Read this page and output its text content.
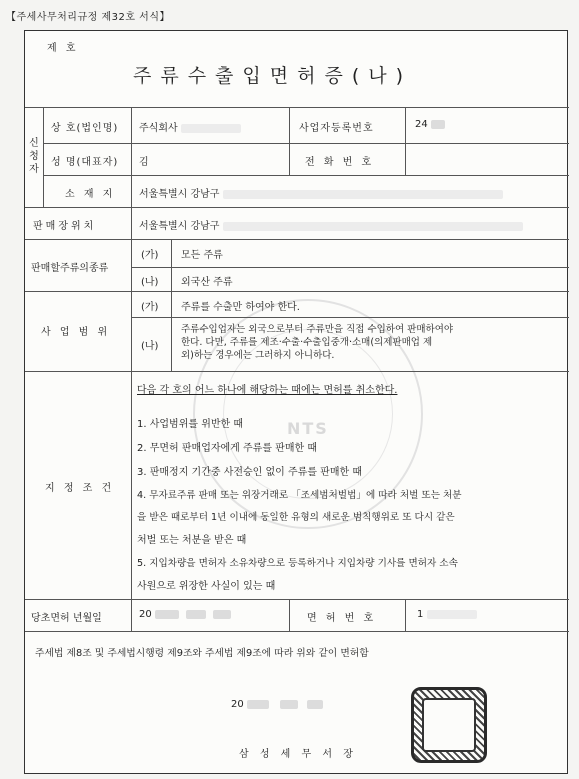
【주세사무처리규정 제32호 서식】
NTS
제 호
주류수출입면허증(나)
신청자
상 호(법인명) 주식회사	사업자등록번호	24
성 명(대표자) 김	전 화 번 호
소 재 지 서울특별시 강남구
판매장위치	서울특별시 강남구
판매할주류의종류
(가) 모든 주류
(나) 외국산 주류
사 업 범 위
(가) 주류를 수출만 하여야 한다.
(나)
주류수입업자는 외국으로부터 주류만을 직접 수입하여 판매하여야
한다. 다만, 주류를 제조·수출·수출입중개·소매(의제판매업 제
외)하는 경우에는 그러하지 아니하다.
지 정 조 건
다음 각 호의 어느 하나에 해당하는 때에는 면허를 취소한다.
1. 사업범위를 위반한 때
2. 무면허 판매업자에게 주류를 판매한 때
3. 판매정지 기간중 사전승인 없이 주류를 판매한 때
4. 무자료주류 판매 또는 위장거래로 「조세범처벌법」에 따라 처벌 또는 처분
을 받은 때로부터 1년 이내에 동일한 유형의 새로운 범칙행위로 또 다시 같은
처벌 또는 처분을 받은 때
5. 지입차량을 면허자 소유차량으로 등록하거나 지입차량 기사를 면허자 소속
사원으로 위장한 사실이 있는 때
당초면허 년월일	20	면 허 번 호	1
주세법 제8조 및 주세법시행령 제9조와 주세법 제9조에 따라 위와 같이 면허함
20
삼 성 세 무 서 장
